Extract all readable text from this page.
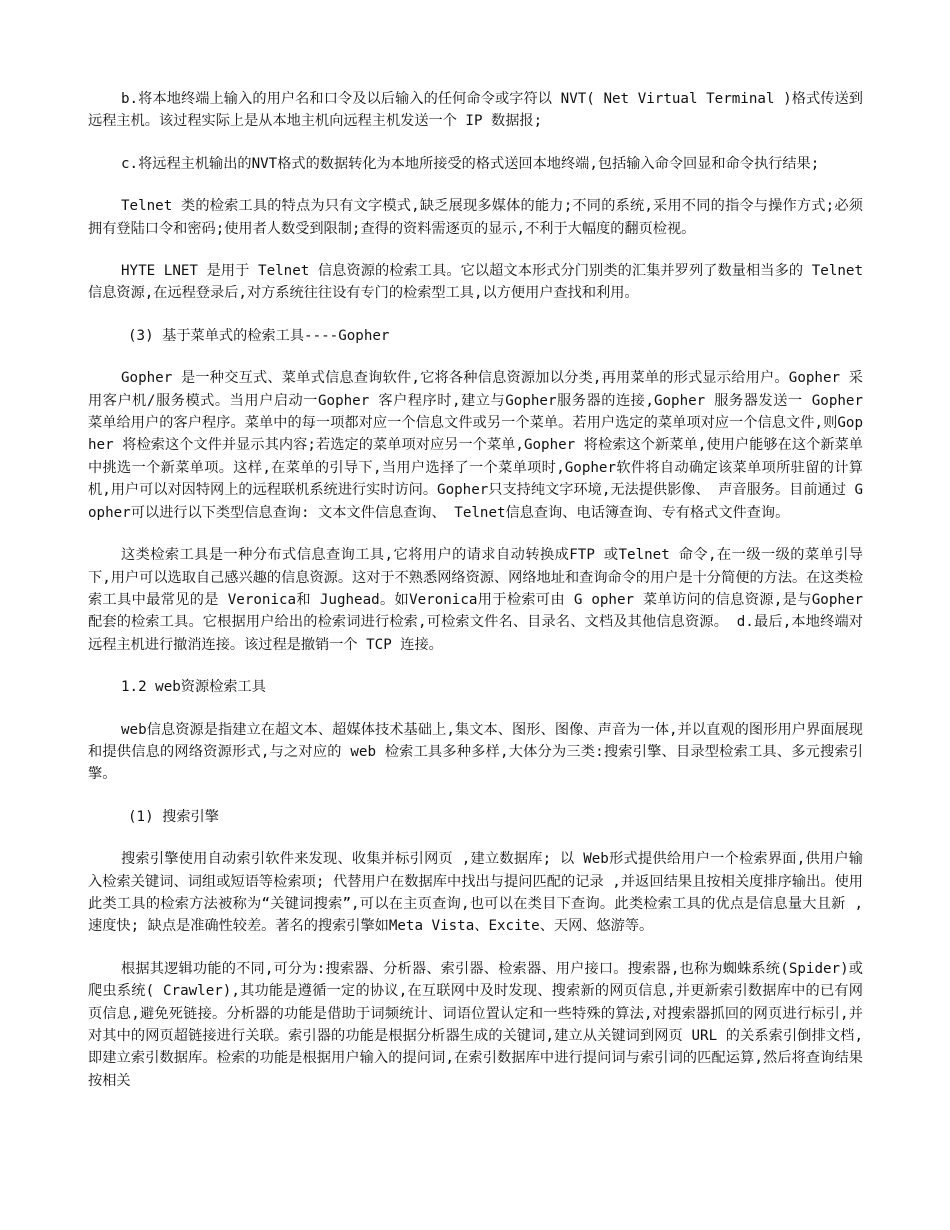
b.将本地终端上输入的用户名和口令及以后输入的任何命令或字符以 NVT( Net Virtual Terminal )格式传送到远程主机。该过程实际上是从本地主机向远程主机发送一个 IP 数据报;

c.将远程主机输出的NVT格式的数据转化为本地所接受的格式送回本地终端,包括输入命令回显和命令执行结果;

Telnet 类的检索工具的特点为只有文字模式,缺乏展现多媒体的能力;不同的系统,采用不同的指令与操作方式;必须拥有登陆口令和密码;使用者人数受到限制;查得的资料需逐页的显示,不利于大幅度的翻页检视。

HYTE LNET 是用于 Telnet 信息资源的检索工具。它以超文本形式分门别类的汇集并罗列了数量相当多的 Telnet 信息资源,在远程登录后,对方系统往往设有专门的检索型工具,以方便用户查找和利用。

(3) 基于菜单式的检索工具----Gopher

Gopher 是一种交互式、菜单式信息查询软件,它将各种信息资源加以分类,再用菜单的形式显示给用户。Gopher 采用客户机/服务模式。当用户启动一Gopher 客户程序时,建立与Gopher服务器的连接,Gopher 服务器发送一 Gopher 菜单给用户的客户程序。菜单中的每一项都对应一个信息文件或另一个菜单。若用户选定的菜单项对应一个信息文件,则Gopher 将检索这个文件并显示其内容;若选定的菜单项对应另一个菜单,Gopher 将检索这个新菜单,使用户能够在这个新菜单中挑选一个新菜单项。这样,在菜单的引导下,当用户选择了一个菜单项时,Gopher软件将自动确定该菜单项所驻留的计算机,用户可以对因特网上的远程联机系统进行实时访问。Gopher只支持纯文字环境,无法提供影像、 声音服务。目前通过 Gopher可以进行以下类型信息查询: 文本文件信息查询、 Telnet信息查询、电话簿查询、专有格式文件查询。

这类检索工具是一种分布式信息查询工具,它将用户的请求自动转换成FTP 或Telnet 命令,在一级一级的菜单引导下,用户可以选取自己感兴趣的信息资源。这对于不熟悉网络资源、网络地址和查询命令的用户是十分简便的方法。在这类检索工具中最常见的是 Veronica和 Jughead。如Veronica用于检索可由 G opher 菜单访问的信息资源,是与Gopher配套的检索工具。它根据用户给出的检索词进行检索,可检索文件名、目录名、文档及其他信息资源。 d.最后,本地终端对远程主机进行撤消连接。该过程是撤销一个 TCP 连接。

1.2 web资源检索工具

web信息资源是指建立在超文本、超媒体技术基础上,集文本、图形、图像、声音为一体,并以直观的图形用户界面展现和提供信息的网络资源形式,与之对应的 web 检索工具多种多样,大体分为三类:搜索引擎、目录型检索工具、多元搜索引擎。

(1) 搜索引擎

搜索引擎使用自动索引软件来发现、收集并标引网页 ,建立数据库; 以 Web形式提供给用户一个检索界面,供用户输入检索关键词、词组或短语等检索项; 代替用户在数据库中找出与提问匹配的记录 ,并返回结果且按相关度排序输出。使用此类工具的检索方法被称为“关键词搜索”,可以在主页查询,也可以在类目下查询。此类检索工具的优点是信息量大且新 , 速度快; 缺点是准确性较差。著名的搜索引擎如Meta Vista、Excite、天网、悠游等。

根据其逻辑功能的不同,可分为:搜索器、分析器、索引器、检索器、用户接口。搜索器,也称为蜘蛛系统(Spider)或爬虫系统( Crawler),其功能是遵循一定的协议,在互联网中及时发现、搜索新的网页信息,并更新索引数据库中的已有网页信息,避免死链接。分析器的功能是借助于词频统计、词语位置认定和一些特殊的算法,对搜索器抓回的网页进行标引,并对其中的网页超链接进行关联。索引器的功能是根据分析器生成的关键词,建立从关键词到网页 URL 的关系索引倒排文档,即建立索引数据库。检索的功能是根据用户输入的提问词,在索引数据库中进行提问词与索引词的匹配运算,然后将查询结果按相关
